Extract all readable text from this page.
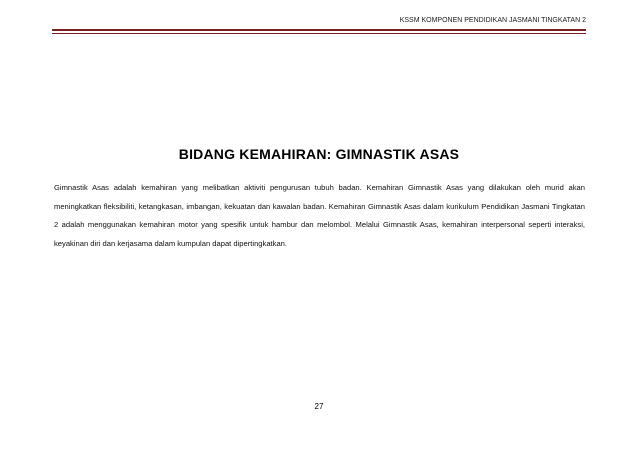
KSSM KOMPONEN PENDIDIKAN JASMANI TINGKATAN 2
BIDANG KEMAHIRAN: GIMNASTIK ASAS
Gimnastik Asas adalah kemahiran yang melibatkan aktiviti pengurusan tubuh badan. Kemahiran Gimnastik Asas yang dilakukan oleh murid akan meningkatkan fleksibiliti, ketangkasan, imbangan, kekuatan dan kawalan badan. Kemahiran Gimnastik Asas dalam kurikulum Pendidikan Jasmani Tingkatan 2 adalah menggunakan kemahiran motor yang spesifik untuk hambur dan melombol. Melalui Gimnastik Asas, kemahiran interpersonal seperti interaksi, keyakinan diri dan kerjasama dalam kumpulan dapat dipertingkatkan.
27
